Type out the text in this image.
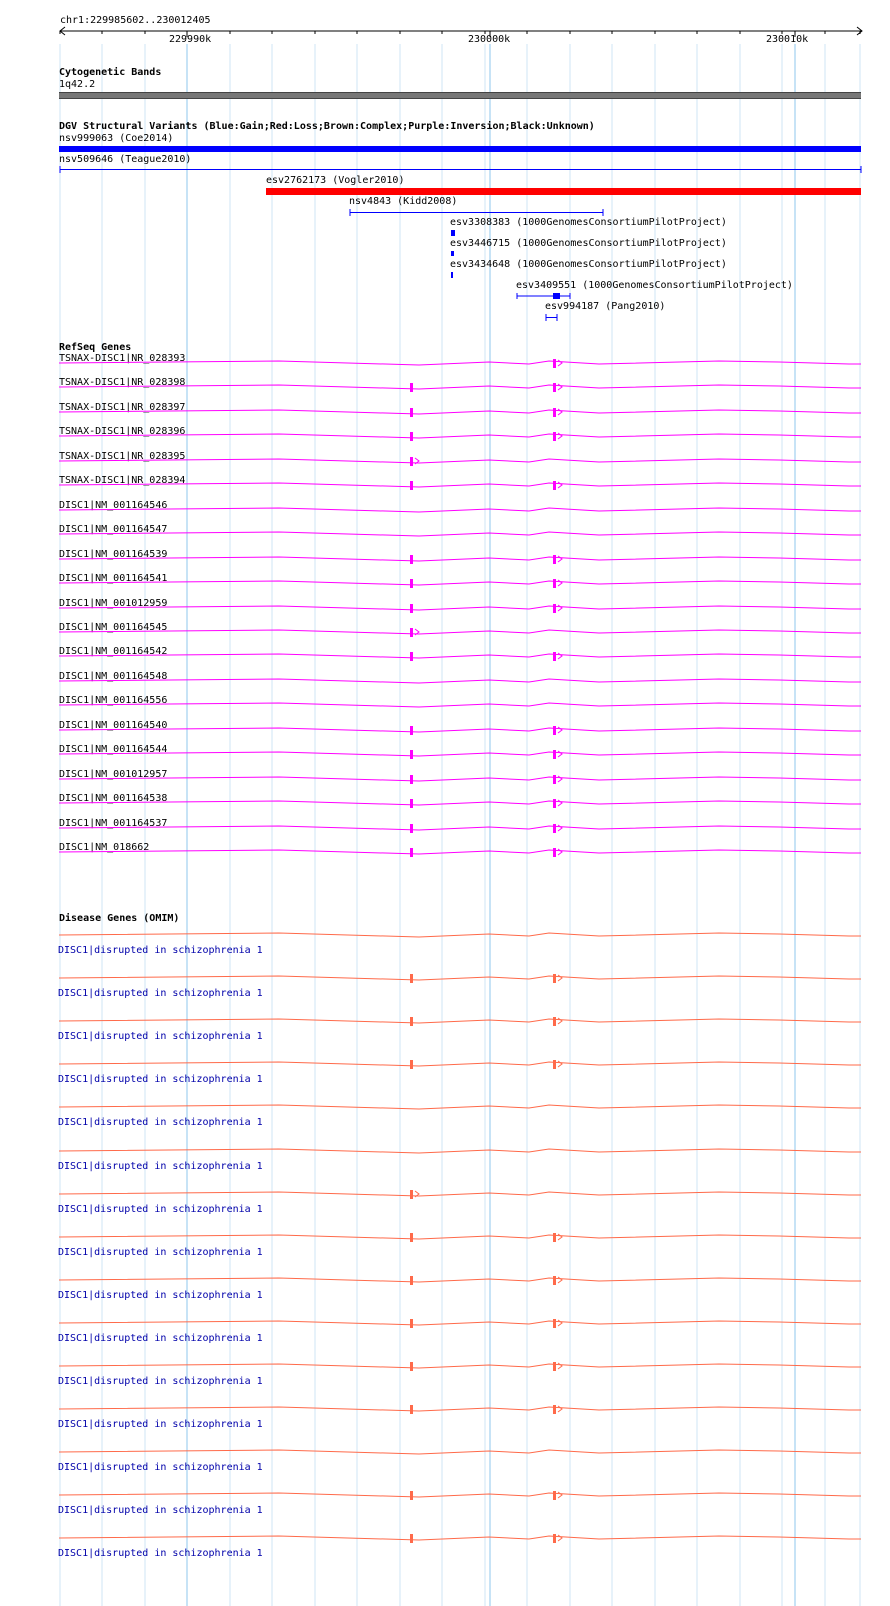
chr1:229985602..230012405
229990k	230000k	230010k
Cytogenetic Bands
1q42.2
DGV Structural Variants (Blue:Gain;Red:Loss;Brown:Complex;Purple:Inversion;Black:Unknown)
nsv999063 (Coe2014)
nsv509646 (Teague2010)
esv2762173 (Vogler2010)
nsv4843 (Kidd2008)
esv3308383 (1000GenomesConsortiumPilotProject)
esv3446715 (1000GenomesConsortiumPilotProject)
esv3434648 (1000GenomesConsortiumPilotProject)
esv3409551 (1000GenomesConsortiumPilotProject)
esv994187 (Pang2010)
RefSeq Genes
TSNAX-DISC1|NR_028393
TSNAX-DISC1|NR_028398
TSNAX-DISC1|NR_028397
TSNAX-DISC1|NR_028396
TSNAX-DISC1|NR_028395
TSNAX-DISC1|NR_028394
DISC1|NM_001164546
DISC1|NM_001164547
DISC1|NM_001164539
DISC1|NM_001164541
DISC1|NM_001012959
DISC1|NM_001164545
DISC1|NM_001164542
DISC1|NM_001164548
DISC1|NM_001164556
DISC1|NM_001164540
DISC1|NM_001164544
DISC1|NM_001012957
DISC1|NM_001164538
DISC1|NM_001164537
DISC1|NM_018662
Disease Genes (OMIM)
DISC1|disrupted in schizophrenia 1
DISC1|disrupted in schizophrenia 1
DISC1|disrupted in schizophrenia 1
DISC1|disrupted in schizophrenia 1
DISC1|disrupted in schizophrenia 1
DISC1|disrupted in schizophrenia 1
DISC1|disrupted in schizophrenia 1
DISC1|disrupted in schizophrenia 1
DISC1|disrupted in schizophrenia 1
DISC1|disrupted in schizophrenia 1
DISC1|disrupted in schizophrenia 1
DISC1|disrupted in schizophrenia 1
DISC1|disrupted in schizophrenia 1
DISC1|disrupted in schizophrenia 1
DISC1|disrupted in schizophrenia 1
